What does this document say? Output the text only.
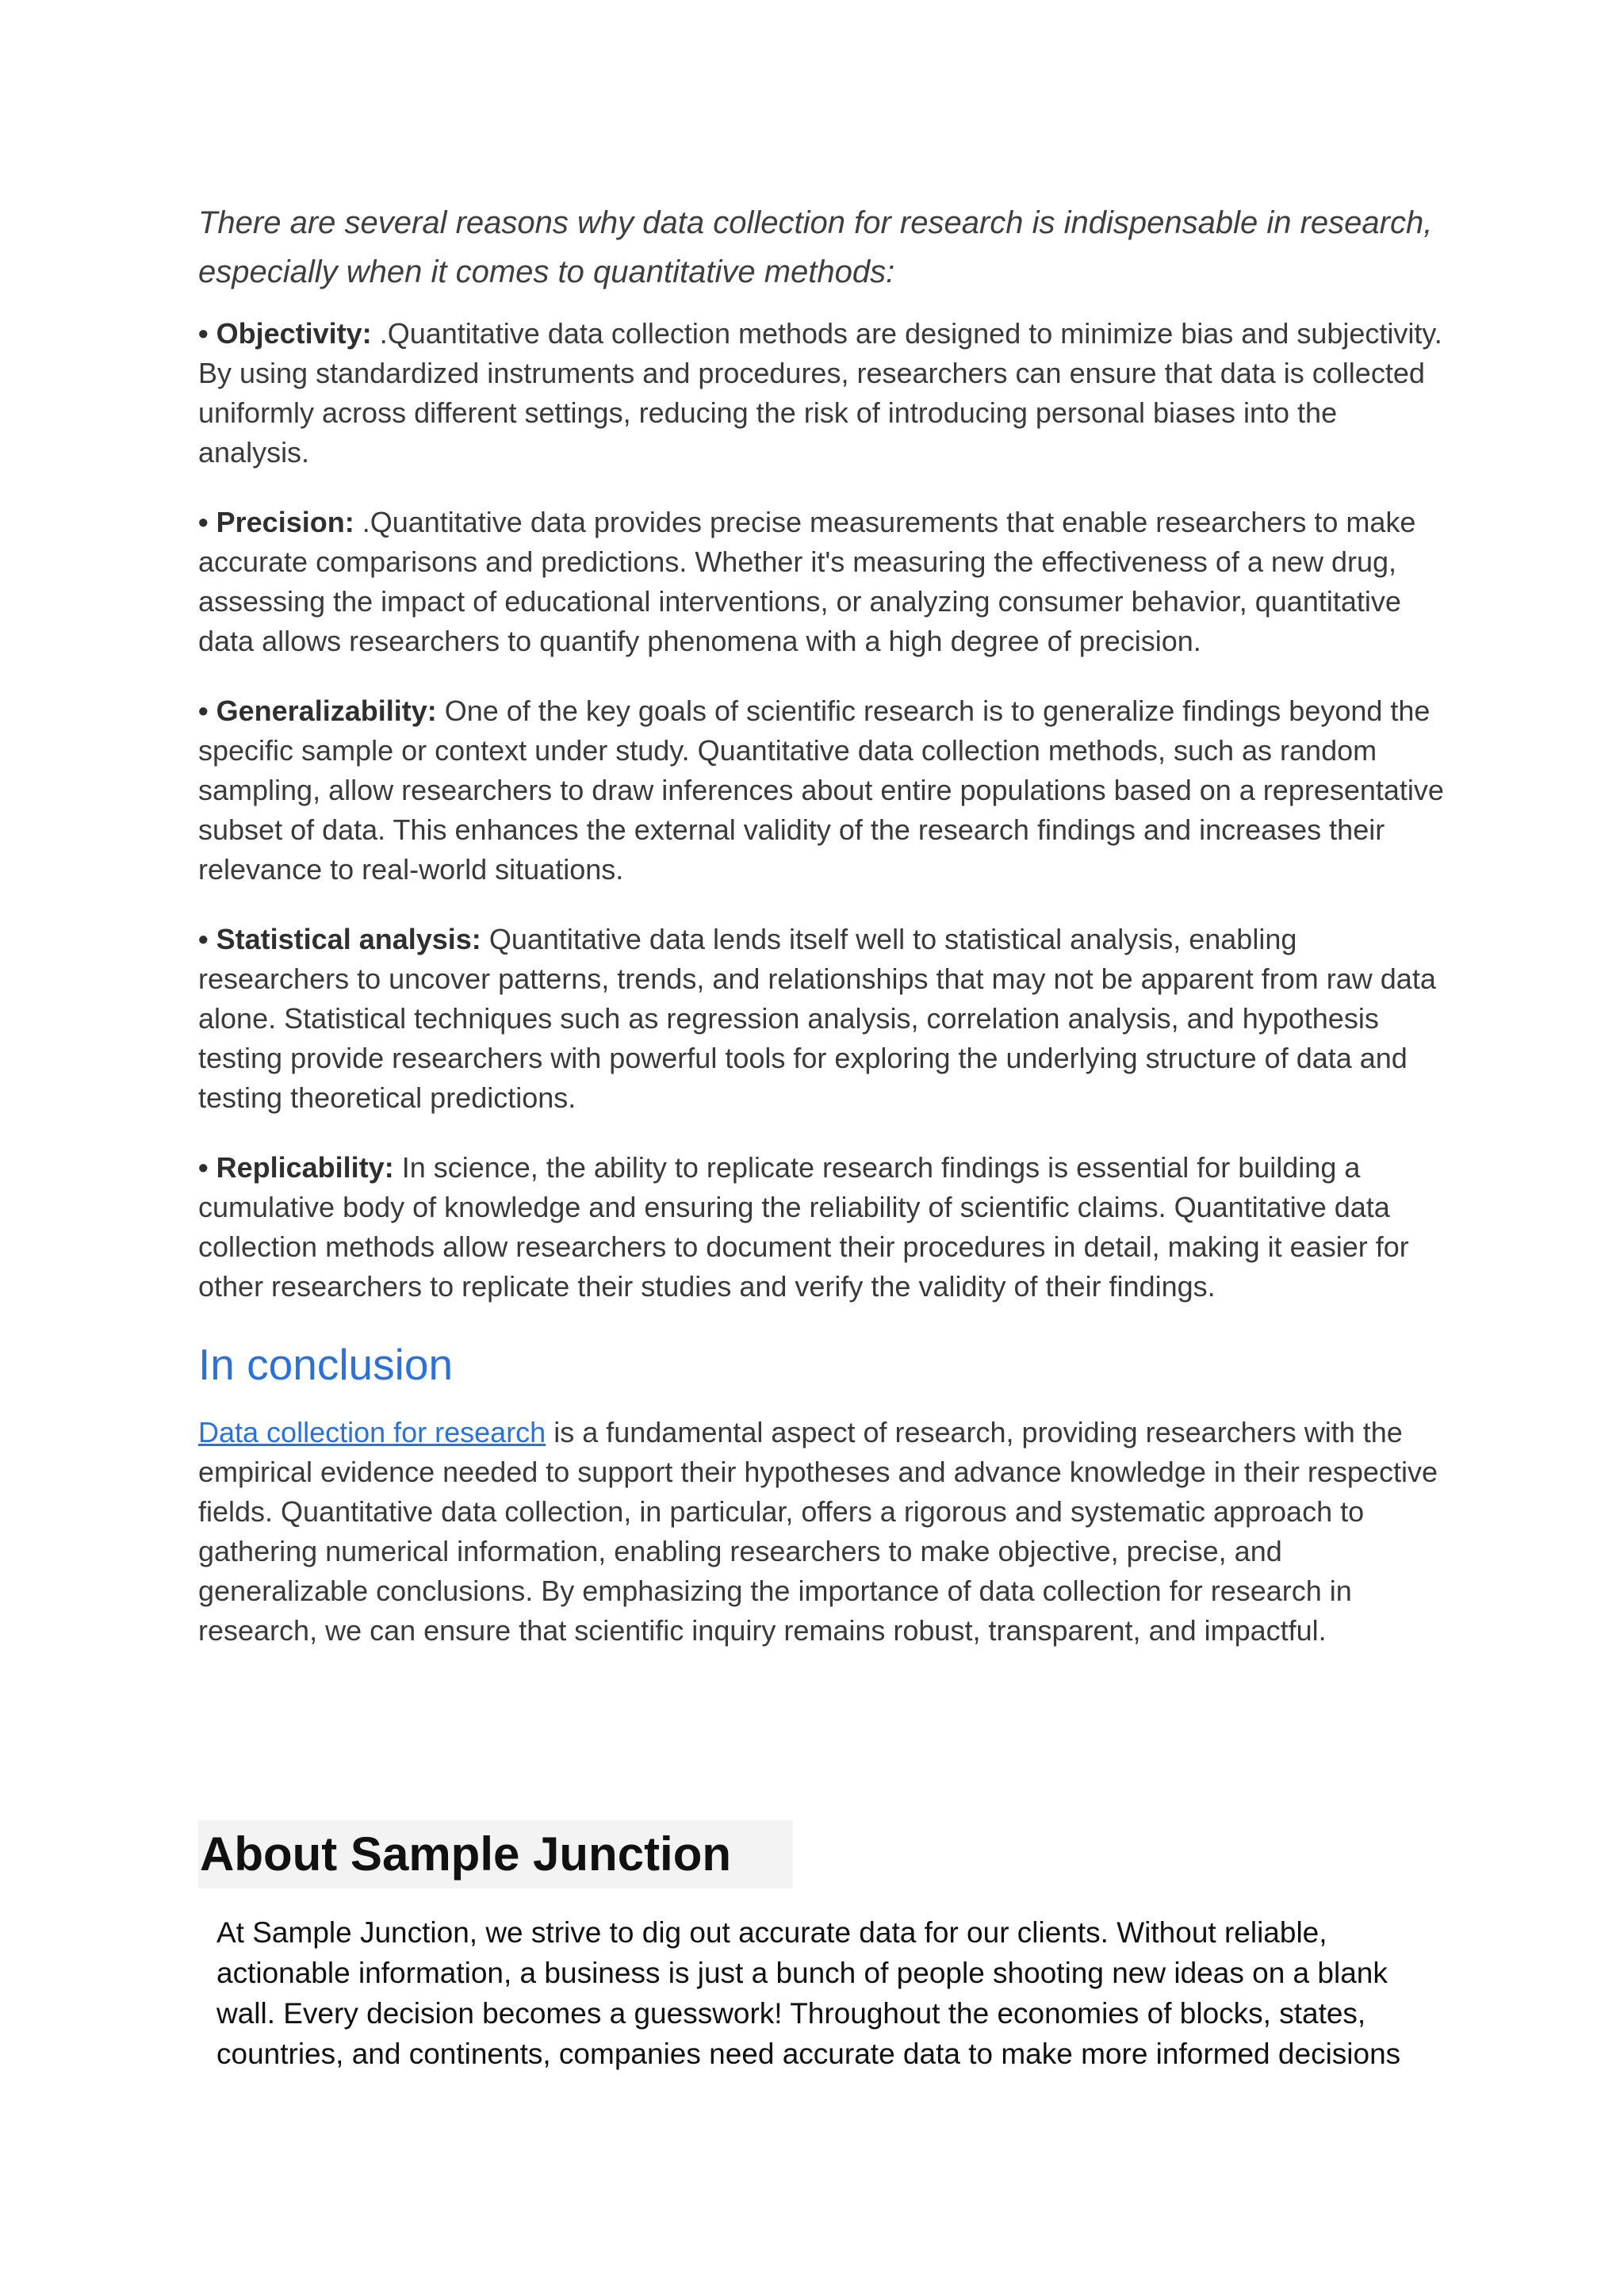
There are several reasons why data collection for research is indispensable in research, especially when it comes to quantitative methods:

• Objectivity: .Quantitative data collection methods are designed to minimize bias and subjectivity. By using standardized instruments and procedures, researchers can ensure that data is collected uniformly across different settings, reducing the risk of introducing personal biases into the analysis.

• Precision: .Quantitative data provides precise measurements that enable researchers to make accurate comparisons and predictions. Whether it's measuring the effectiveness of a new drug, assessing the impact of educational interventions, or analyzing consumer behavior, quantitative data allows researchers to quantify phenomena with a high degree of precision.

• Generalizability: One of the key goals of scientific research is to generalize findings beyond the specific sample or context under study. Quantitative data collection methods, such as random sampling, allow researchers to draw inferences about entire populations based on a representative subset of data. This enhances the external validity of the research findings and increases their relevance to real-world situations.

• Statistical analysis: Quantitative data lends itself well to statistical analysis, enabling researchers to uncover patterns, trends, and relationships that may not be apparent from raw data alone. Statistical techniques such as regression analysis, correlation analysis, and hypothesis testing provide researchers with powerful tools for exploring the underlying structure of data and testing theoretical predictions.

• Replicability: In science, the ability to replicate research findings is essential for building a cumulative body of knowledge and ensuring the reliability of scientific claims. Quantitative data collection methods allow researchers to document their procedures in detail, making it easier for other researchers to replicate their studies and verify the validity of their findings.

In conclusion

Data collection for research is a fundamental aspect of research, providing researchers with the empirical evidence needed to support their hypotheses and advance knowledge in their respective fields. Quantitative data collection, in particular, offers a rigorous and systematic approach to gathering numerical information, enabling researchers to make objective, precise, and generalizable conclusions. By emphasizing the importance of data collection for research in research, we can ensure that scientific inquiry remains robust, transparent, and impactful.

About Sample Junction

At Sample Junction, we strive to dig out accurate data for our clients. Without reliable, actionable information, a business is just a bunch of people shooting new ideas on a blank wall. Every decision becomes a guesswork! Throughout the economies of blocks, states, countries, and continents, companies need accurate data to make more informed decisions
